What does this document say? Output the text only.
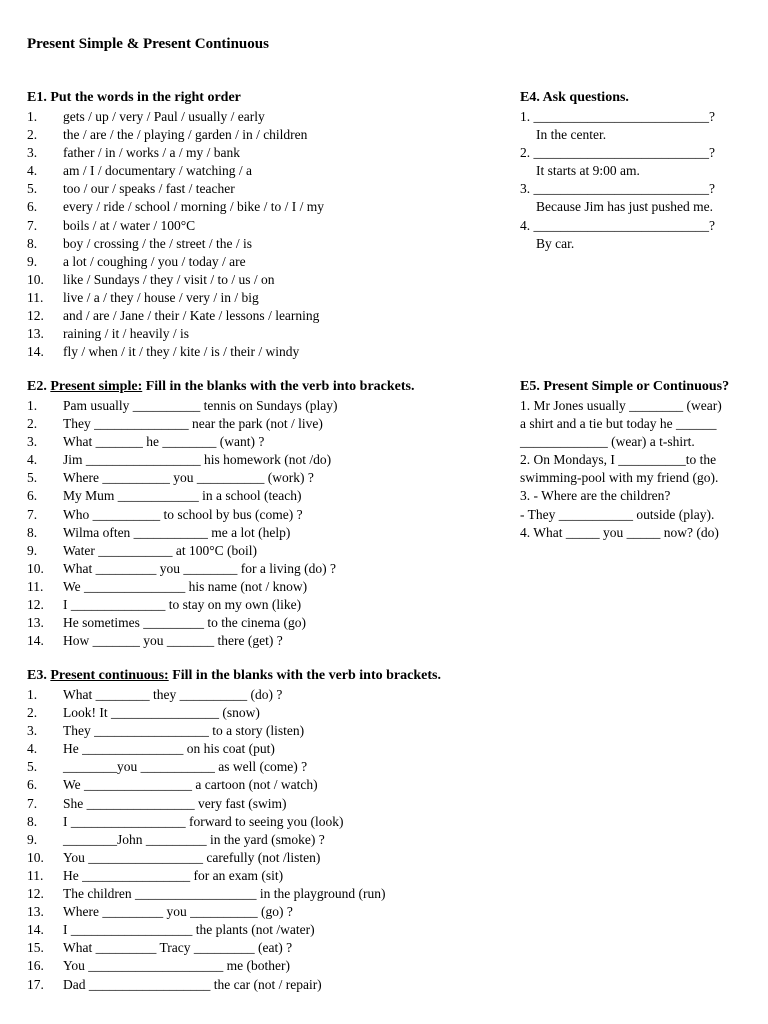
Present Simple & Present Continuous
E1. Put the words in the right order
1. gets / up / very / Paul / usually / early
2. the / are / the / playing / garden / in / children
3. father / in / works / a / my / bank
4. am / I / documentary / watching / a
5. too / our / speaks / fast / teacher
6. every / ride / school / morning / bike / to / I / my
7. boils / at / water / 100°C
8. boy / crossing / the / street / the / is
9. a lot / coughing / you / today / are
10. like / Sundays / they / visit / to / us / on
11. live / a / they / house / very / in / big
12. and / are / Jane / their / Kate / lessons / learning
13. raining / it / heavily / is
14. fly / when / it / they / kite / is / their / windy
E2. Present simple: Fill in the blanks with the verb into brackets.
1. Pam usually __________ tennis on Sundays (play)
2. They ______________ near the park (not / live)
3. What _______ he ________ (want) ?
4. Jim _________________ his homework (not /do)
5. Where __________ you __________ (work) ?
6. My Mum ____________ in a school (teach)
7. Who __________ to school by bus (come) ?
8. Wilma often ___________ me a lot (help)
9. Water ___________ at 100°C (boil)
10. What _________ you ________ for a living (do) ?
11. We _______________ his name (not / know)
12. I ______________ to stay on my own (like)
13. He sometimes _________ to the cinema (go)
14. How _______ you _______ there (get) ?
E3. Present continuous: Fill in the blanks with the verb into brackets.
1. What ________ they __________ (do) ?
2. Look! It ________________ (snow)
3. They _________________ to a story (listen)
4. He _______________ on his coat (put)
5. ________you ___________ as well (come) ?
6. We ________________ a cartoon (not / watch)
7. She ________________ very fast (swim)
8. I _________________ forward to seeing you (look)
9. ________John _________ in the yard (smoke) ?
10. You _________________ carefully (not /listen)
11. He ________________ for an exam (sit)
12. The children __________________ in the playground (run)
13. Where _________ you __________ (go) ?
14. I __________________ the plants (not /water)
15. What _________ Tracy _________ (eat) ?
16. You ____________________ me (bother)
17. Dad __________________ the car (not / repair)
E4. Ask questions.
1. __________________________?
In the center.
2. __________________________?
It starts at 9:00 am.
3. __________________________?
Because Jim has just pushed me.
4. __________________________?
By car.
E5. Present Simple or Continuous?
1. Mr Jones usually ________ (wear)
a shirt and a tie but today he ______
_____________ (wear) a t-shirt.
2. On Mondays, I __________to the
swimming-pool with my friend (go).
3. - Where are the children?
- They ___________ outside (play).
4. What _____ you _____ now? (do)
